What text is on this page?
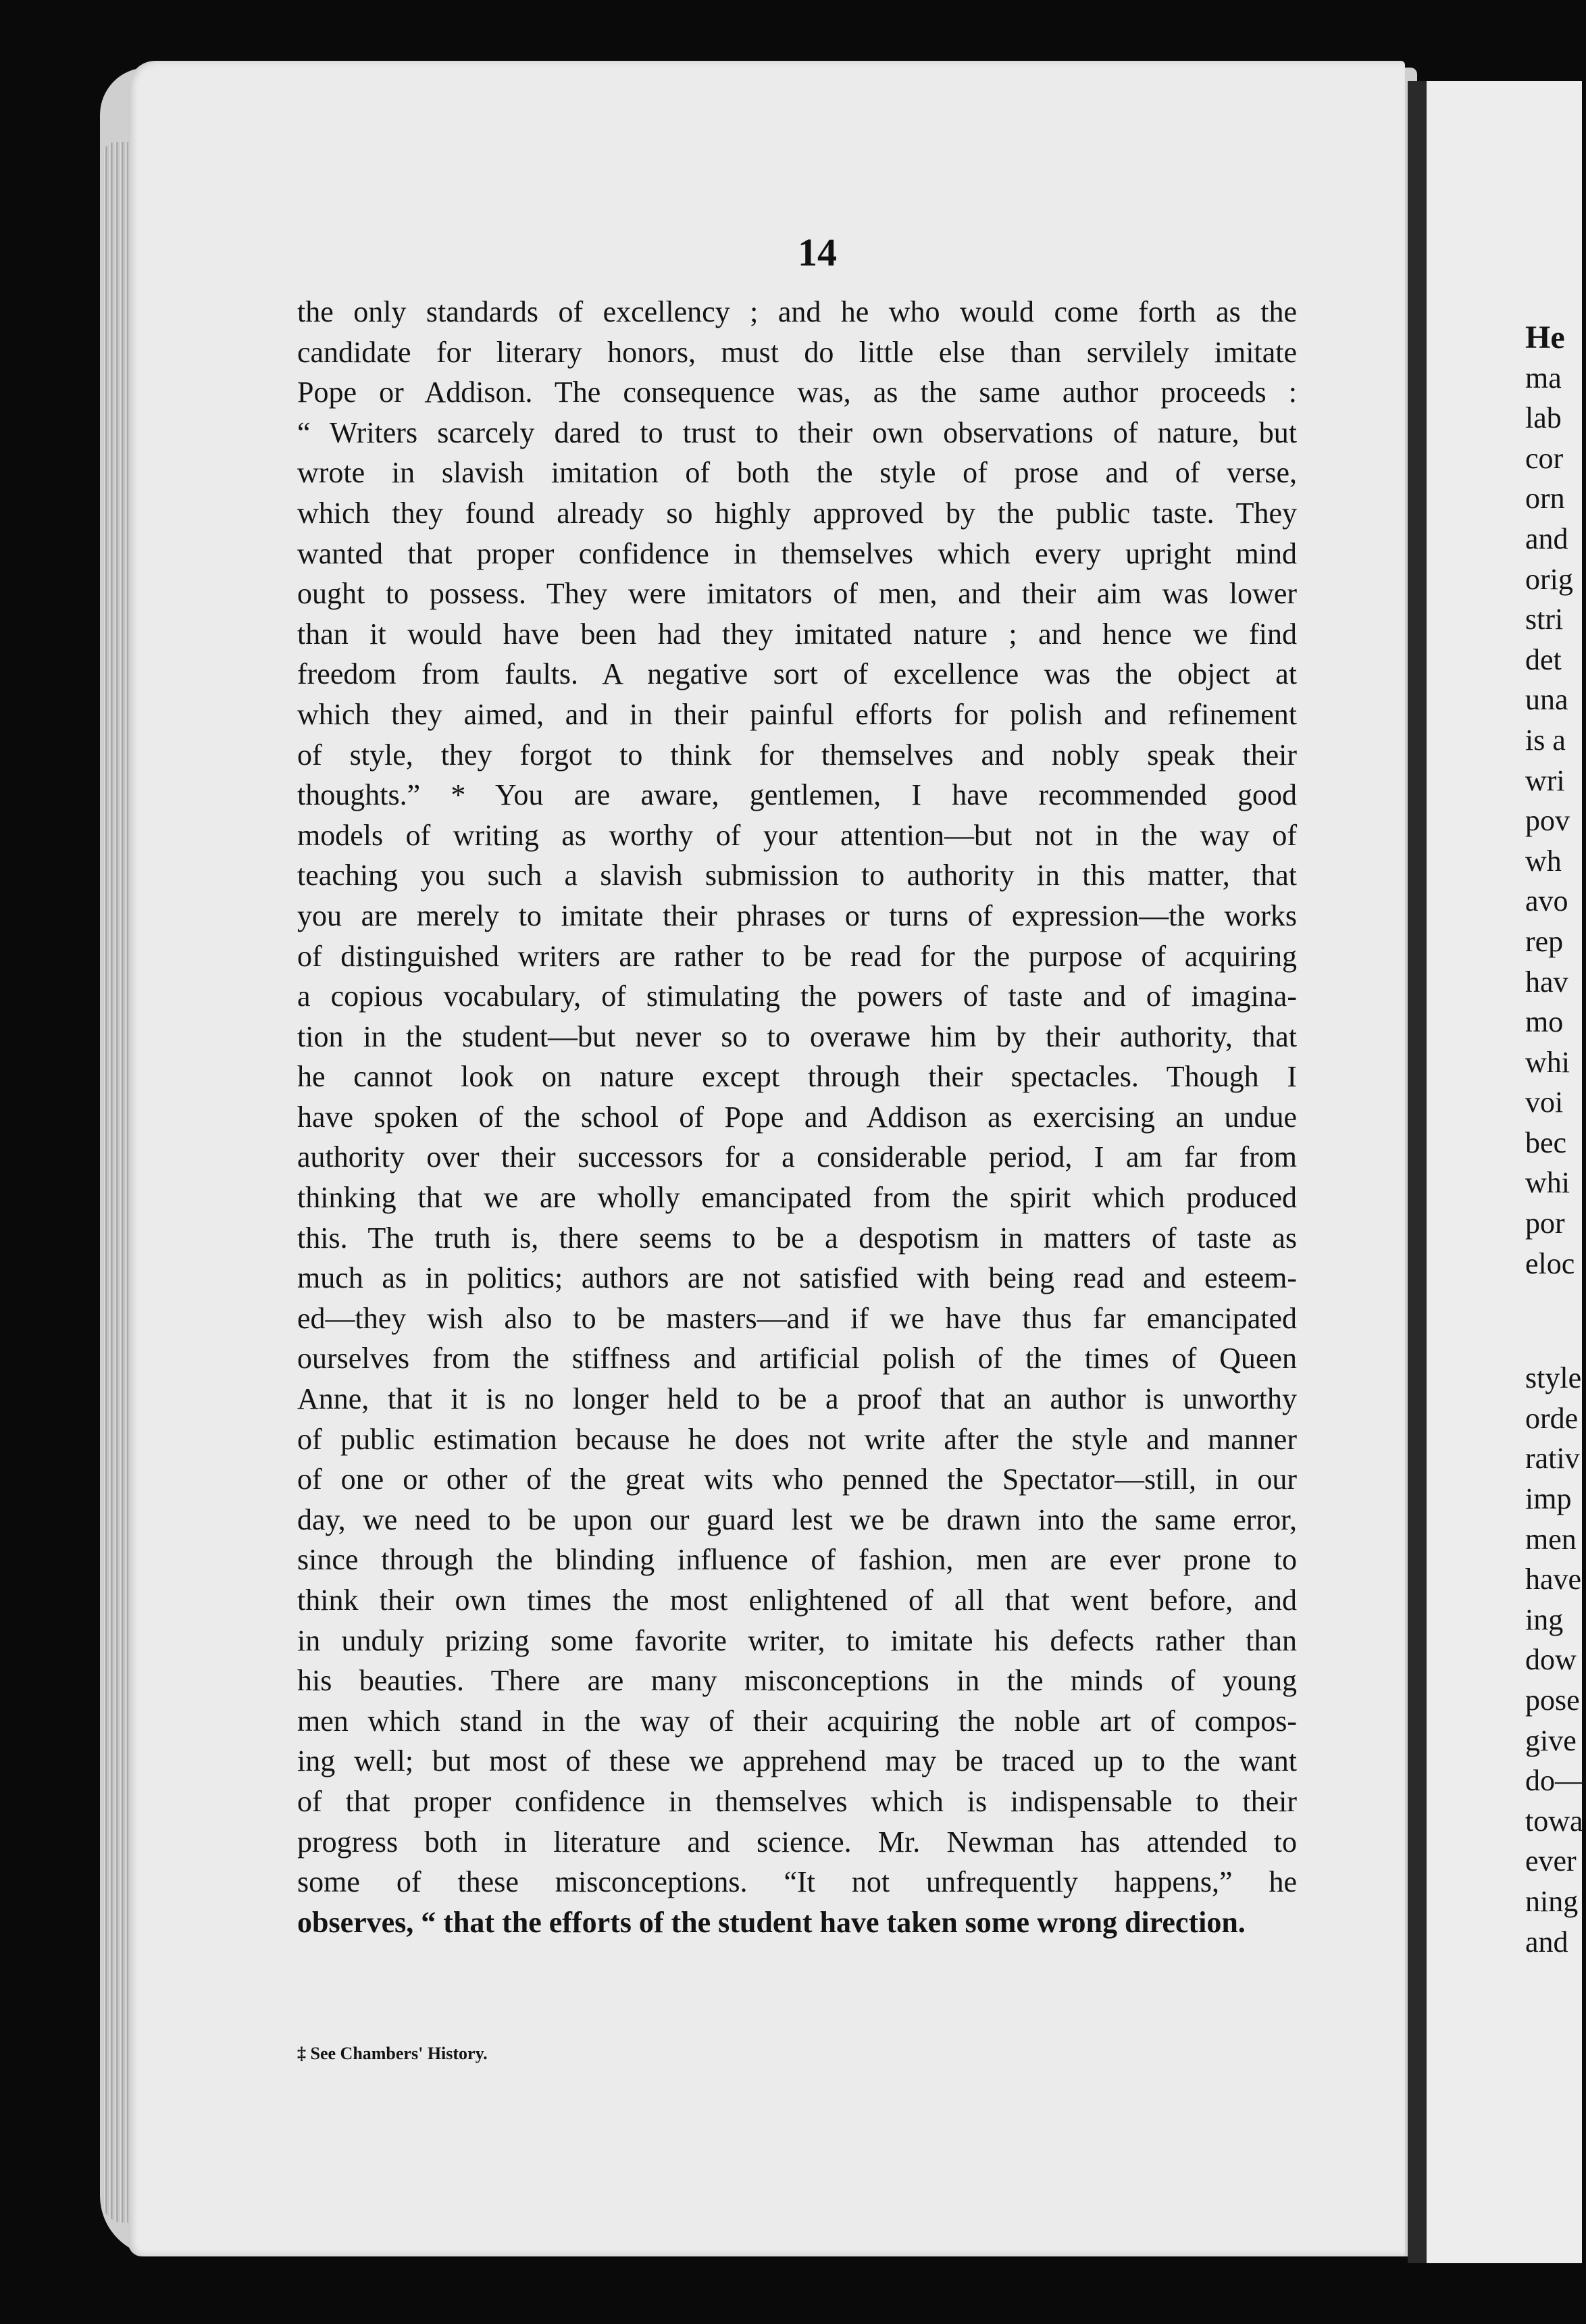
14
the only standards of excellency ; and he who would come forth as the
candidate for literary honors, must do little else than servilely imitate
Pope or Addison. The consequence was, as the same author proceeds :
“ Writers scarcely dared to trust to their own observations of nature, but
wrote in slavish imitation of both the style of prose and of verse,
which they found already so highly approved by the public taste. They
wanted that proper confidence in themselves which every upright mind
ought to possess. They were imitators of men, and their aim was lower
than it would have been had they imitated nature ; and hence we find
freedom from faults. A negative sort of excellence was the object at
which they aimed, and in their painful efforts for polish and refinement
of style, they forgot to think for themselves and nobly speak their
thoughts.” * You are aware, gentlemen, I have recommended good
models of writing as worthy of your attention—but not in the way of
teaching you such a slavish submission to authority in this matter, that
you are merely to imitate their phrases or turns of expression—the works
of distinguished writers are rather to be read for the purpose of acquiring
a copious vocabulary, of stimulating the powers of taste and of imagina-
tion in the student—but never so to overawe him by their authority, that
he cannot look on nature except through their spectacles. Though I
have spoken of the school of Pope and Addison as exercising an undue
authority over their successors for a considerable period, I am far from
thinking that we are wholly emancipated from the spirit which produced
this. The truth is, there seems to be a despotism in matters of taste as
much as in politics; authors are not satisfied with being read and esteem-
ed—they wish also to be masters—and if we have thus far emancipated
ourselves from the stiffness and artificial polish of the times of Queen
Anne, that it is no longer held to be a proof that an author is unworthy
of public estimation because he does not write after the style and manner
of one or other of the great wits who penned the Spectator—still, in our
day, we need to be upon our guard lest we be drawn into the same error,
since through the blinding influence of fashion, men are ever prone to
think their own times the most enlightened of all that went before, and
in unduly prizing some favorite writer, to imitate his defects rather than
his beauties. There are many misconceptions in the minds of young
men which stand in the way of their acquiring the noble art of compos-
ing well; but most of these we apprehend may be traced up to the want
of that proper confidence in themselves which is indispensable to their
progress both in literature and science. Mr. Newman has attended to
some of these misconceptions. “It not unfrequently happens,” he
observes, “ that the efforts of the student have taken some wrong direction.
‡ See Chambers' History.
He
ma
lab
cor
orn
and
orig
stri
det
una
is a
wri
pov
wh
avo
rep
hav
mo
whi
voi
bec
whi
por
eloc
style
orde
rativ
imp
men
have
ing
dow
pose
give
do—
towa
ever
ning
and
